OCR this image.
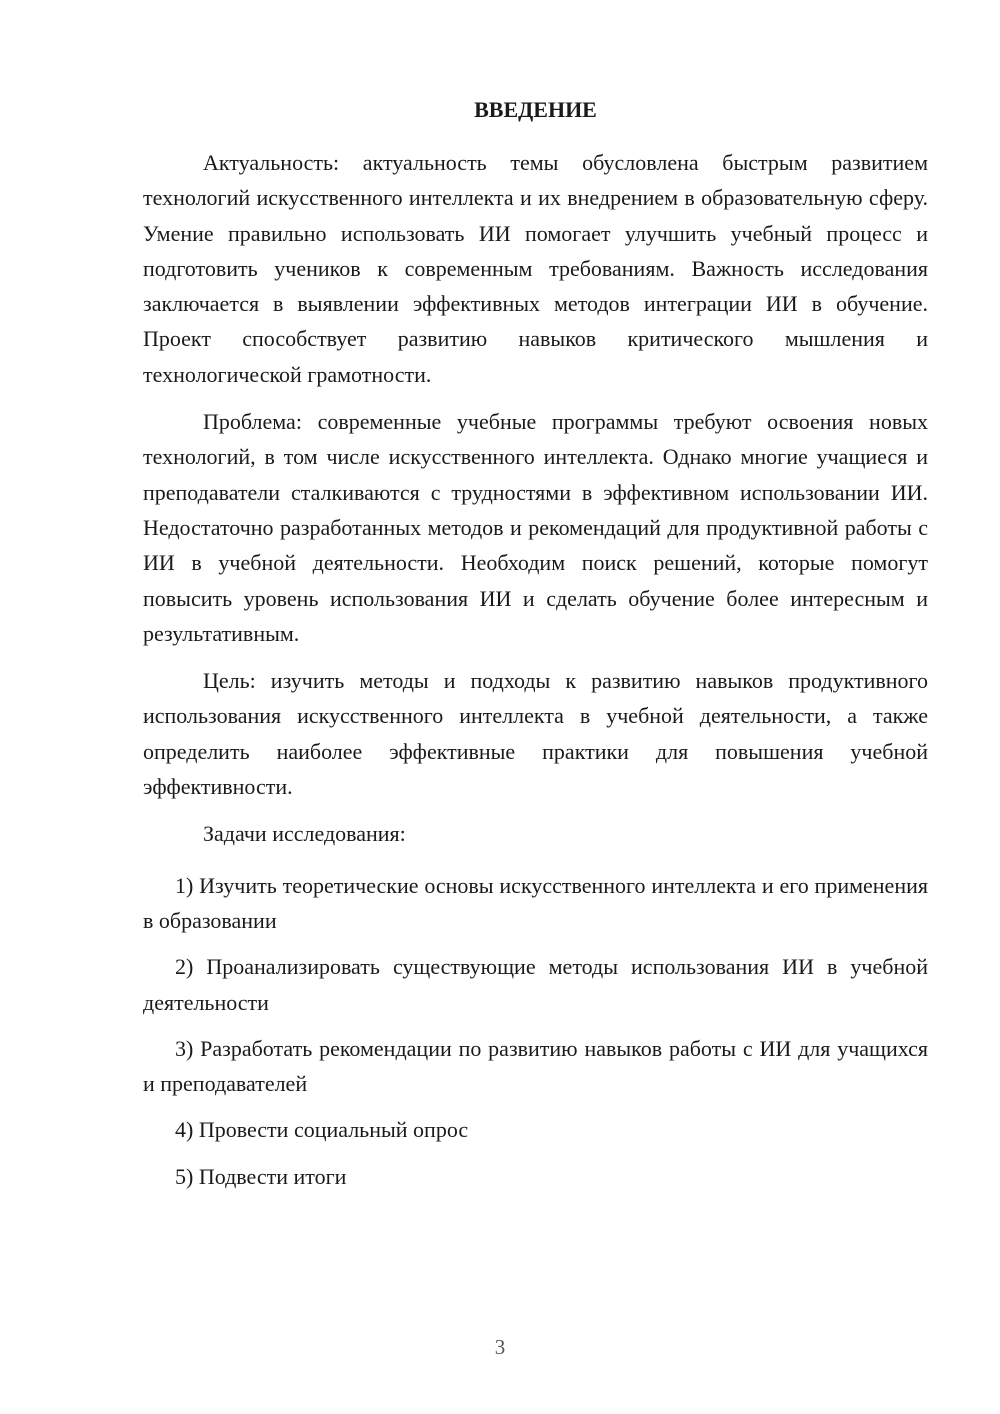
ВВЕДЕНИЕ

Актуальность: актуальность темы обусловлена быстрым развитием технологий искусственного интеллекта и их внедрением в образовательную сферу. Умение правильно использовать ИИ помогает улучшить учебный процесс и подготовить учеников к современным требованиям. Важность исследования заключается в выявлении эффективных методов интеграции ИИ в обучение. Проект способствует развитию навыков критического мышления и технологической грамотности.

Проблема: современные учебные программы требуют освоения новых технологий, в том числе искусственного интеллекта. Однако многие учащиеся и преподаватели сталкиваются с трудностями в эффективном использовании ИИ. Недостаточно разработанных методов и рекомендаций для продуктивной работы с ИИ в учебной деятельности. Необходим поиск решений, которые помогут повысить уровень использования ИИ и сделать обучение более интересным и результативным.

Цель: изучить методы и подходы к развитию навыков продуктивного использования искусственного интеллекта в учебной деятельности, а также определить наиболее эффективные практики для повышения учебной эффективности.

Задачи исследования:

1) Изучить теоретические основы искусственного интеллекта и его применения в образовании

2) Проанализировать существующие методы использования ИИ в учебной деятельности

3) Разработать рекомендации по развитию навыков работы с ИИ для учащихся и преподавателей

4) Провести социальный опрос

5) Подвести итоги

3
